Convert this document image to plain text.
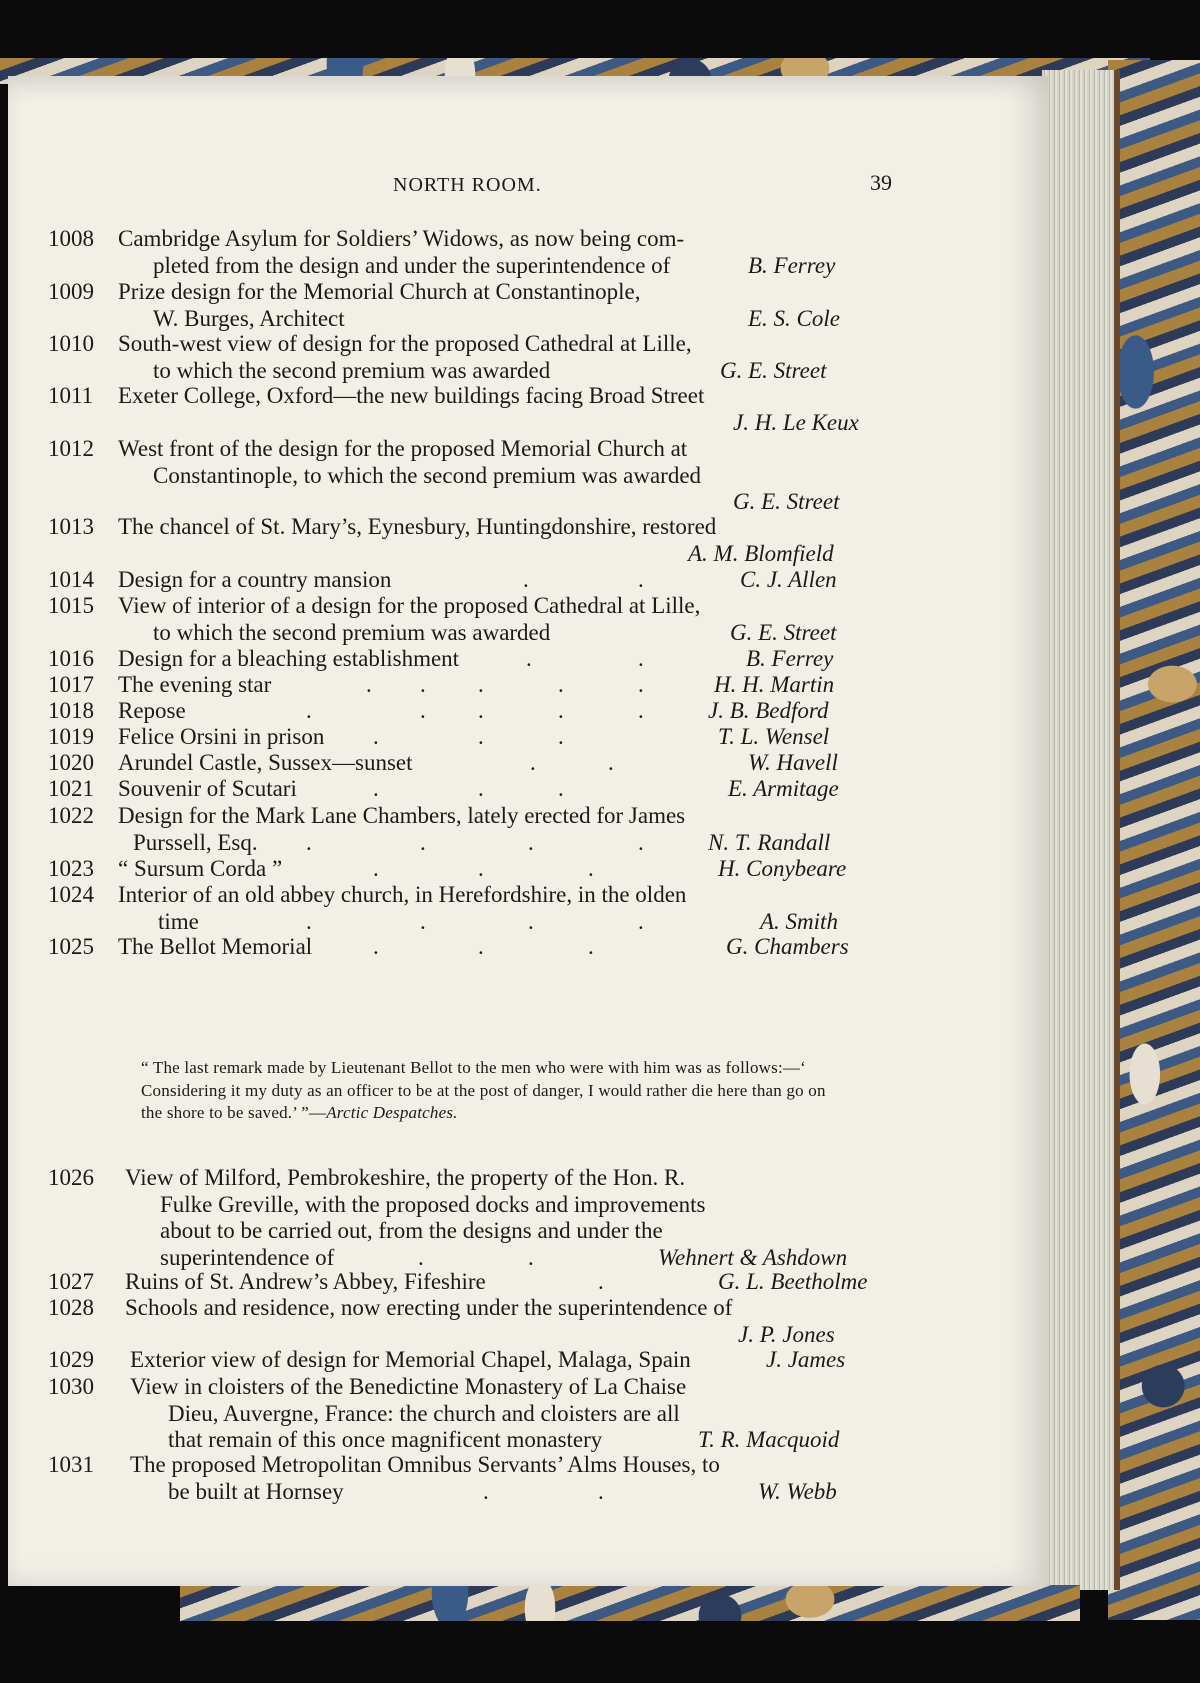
NORTH ROOM.	39
1008 Cambridge Asylum for Soldiers’ Widows, as now being com-
pleted from the design and under the superintendence of	B. Ferrey
1009 Prize design for the Memorial Church at Constantinople,
W. Burges, Architect	E. S. Cole
1010 South-west view of design for the proposed Cathedral at Lille,
to which the second premium was awarded	G. E. Street
1011 Exeter College, Oxford—the new buildings facing Broad Street
J. H. Le Keux
1012 West front of the design for the proposed Memorial Church at
Constantinople, to which the second premium was awarded
G. E. Street
1013 The chancel of St. Mary’s, Eynesbury, Huntingdonshire, restored
A. M. Blomfield
1014 Design for a country mansion	.	.	C. J. Allen
1015 View of interior of a design for the proposed Cathedral at Lille,
to which the second premium was awarded	G. E. Street
1016 Design for a bleaching establishment	.	.	B. Ferrey
1017 The evening star	. . .	.	.	H. H. Martin
1018 Repose	.	. .	.	.	J. B. Bedford
1019 Felice Orsini in prison .	.	.	T. L. Wensel
1020 Arundel Castle, Sussex—sunset	.	.	W. Havell
1021 Souvenir of Scutari	.	.	.	E. Armitage
1022 Design for the Mark Lane Chambers, lately erected for James
Purssell, Esq. .	.	.	.	N. T. Randall
1023 “ Sursum Corda ”	.	.	.	H. Conybeare
1024 Interior of an old abbey church, in Herefordshire, in the olden
time	.	.	.	.	A. Smith
1025 The Bellot Memorial	.	.	.	G. Chambers
1026 View of Milford, Pembrokeshire, the property of the Hon. R.
Fulke Greville, with the proposed docks and improvements
about to be carried out, from the designs and under the
superintendence of	.	.	Wehnert & Ashdown
1027 Ruins of St. Andrew’s Abbey, Fifeshire	.	G. L. Beetholme
1028 Schools and residence, now erecting under the superintendence of
J. P. Jones
1029 Exterior view of design for Memorial Chapel, Malaga, Spain	J. James
1030 View in cloisters of the Benedictine Monastery of La Chaise
Dieu, Auvergne, France: the church and cloisters are all
that remain of this once magnificent monastery	T. R. Macquoid
1031 The proposed Metropolitan Omnibus Servants’ Alms Houses, to
be built at Hornsey	.	.	W. Webb
“ The last remark made by Lieutenant Bellot to the men who were with him was as follows:—‘ Considering it my duty as an officer to be at the post of danger, I would rather die here than go on the shore to be saved.’ ”—Arctic Despatches.
